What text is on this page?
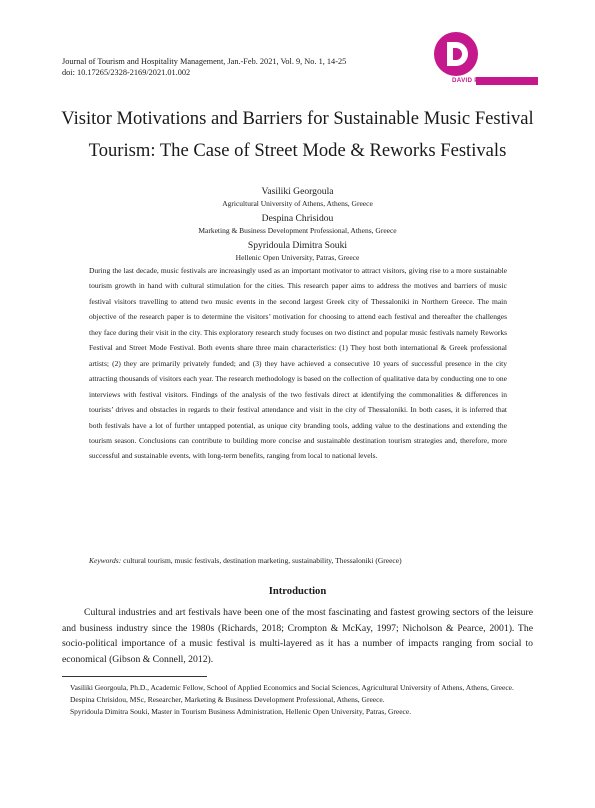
Journal of Tourism and Hospitality Management, Jan.-Feb. 2021, Vol. 9, No. 1, 14-25
doi: 10.17265/2328-2169/2021.01.002
DAVID PUBLISHING
Visitor Motivations and Barriers for Sustainable Music Festival
Tourism: The Case of Street Mode & Reworks Festivals
Vasiliki Georgoula
Agricultural University of Athens, Athens, Greece
Despina Chrisidou
Marketing & Business Development Professional, Athens, Greece
Spyridoula Dimitra Souki
Hellenic Open University, Patras, Greece
During the last decade, music festivals are increasingly used as an important motivator to attract visitors, giving rise to a more sustainable tourism growth in hand with cultural stimulation for the cities. This research paper aims to address the motives and barriers of music festival visitors travelling to attend two music events in the second largest Greek city of Thessaloniki in Northern Greece. The main objective of the research paper is to determine the visitors’ motivation for choosing to attend each festival and thereafter the challenges they face during their visit in the city. This exploratory research study focuses on two distinct and popular music festivals namely Reworks Festival and Street Mode Festival. Both events share three main characteristics: (1) They host both international & Greek professional artists; (2) they are primarily privately funded; and (3) they have achieved a consecutive 10 years of successful presence in the city attracting thousands of visitors each year. The research methodology is based on the collection of qualitative data by conducting one to one interviews with festival visitors. Findings of the analysis of the two festivals direct at identifying the commonalities & differences in tourists’ drives and obstacles in regards to their festival attendance and visit in the city of Thessaloniki. In both cases, it is inferred that both festivals have a lot of further untapped potential, as unique city branding tools, adding value to the destinations and extending the tourism season. Conclusions can contribute to building more concise and sustainable destination tourism strategies and, therefore, more successful and sustainable events, with long-term benefits, ranging from local to national levels.
Keywords: cultural tourism, music festivals, destination marketing, sustainability, Thessaloniki (Greece)
Introduction
Cultural industries and art festivals have been one of the most fascinating and fastest growing sectors of the leisure and business industry since the 1980s (Richards, 2018; Crompton & McKay, 1997; Nicholson & Pearce, 2001). The socio-political importance of a music festival is multi-layered as it has a number of impacts ranging from social to economical (Gibson & Connell, 2012).

Vasiliki Georgoula, Ph.D., Academic Fellow, School of Applied Economics and Social Sciences, Agricultural University of Athens, Athens, Greece.

Despina Chrisidou, MSc, Researcher, Marketing & Business Development Professional, Athens, Greece.

Spyridoula Dimitra Souki, Master in Tourism Business Administration, Hellenic Open University, Patras, Greece.
